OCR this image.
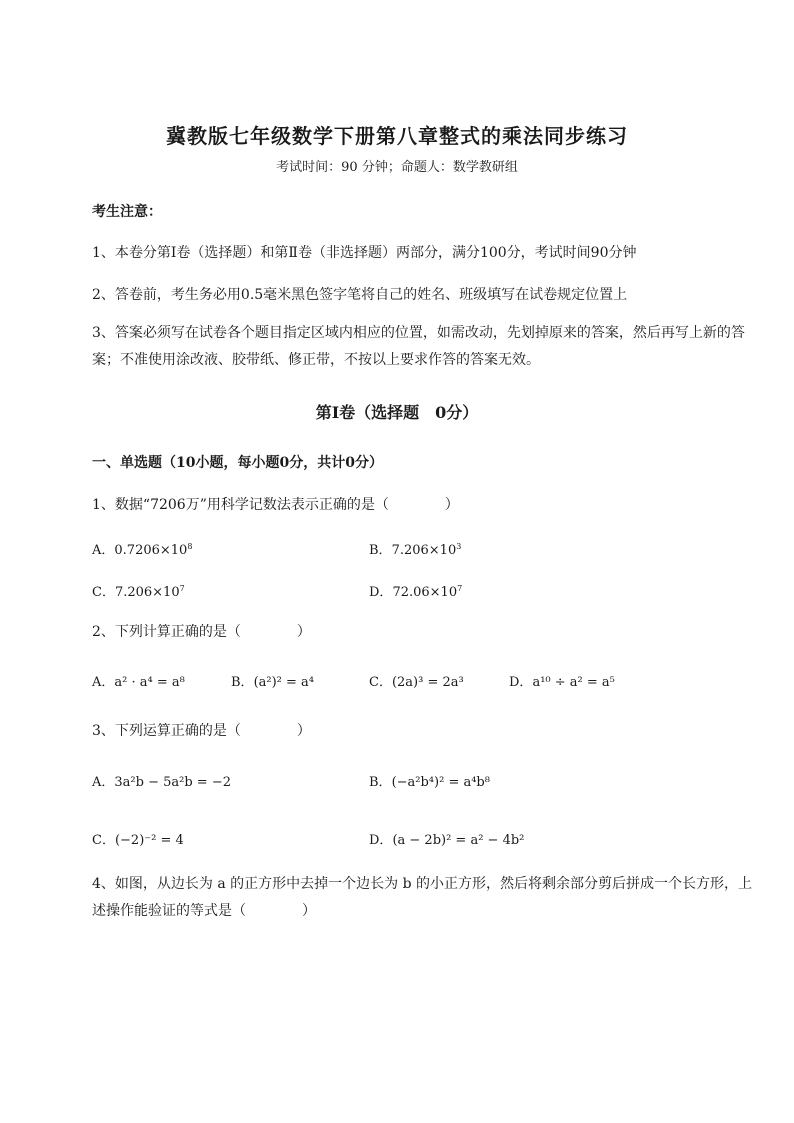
冀教版七年级数学下册第八章整式的乘法同步练习
考试时间：90 分钟；命题人：数学教研组
考生注意：
1、本卷分第Ⅰ卷（选择题）和第Ⅱ卷（非选择题）两部分，满分100分，考试时间90分钟
2、答卷前，考生务必用0.5毫米黑色签字笔将自己的姓名、班级填写在试卷规定位置上
3、答案必须写在试卷各个题目指定区域内相应的位置，如需改动，先划掉原来的答案，然后再写上新的答案；不准使用涂改液、胶带纸、修正带，不按以上要求作答的答案无效。
第Ⅰ卷（选择题　0分）
一、单选题（10小题，每小题0分，共计0分）
1、数据“7206万”用科学记数法表示正确的是（	）
A．$0.7206\times 10^8$	B．$7.206\times 10^3$
C．$7.206\times 10^7$	D．$72.06\times 10^7$
2、下列计算正确的是（	）
A．a² · a⁴ = a⁸	B．(a²)² = a⁴	C．(2a)³ = 2a³	D．a¹⁰ ÷ a² = a⁵
3、下列运算正确的是（	）
A．3a²b − 5a²b = −2	B．(−a²b⁴)² = a⁴b⁸
C．(−2)⁻² = 4	D．(a − 2b)² = a² − 4b²
4、如图，从边长为 a 的正方形中去掉一个边长为 b 的小正方形，然后将剩余部分剪后拼成一个长方形，上述操作能验证的等式是（	）
